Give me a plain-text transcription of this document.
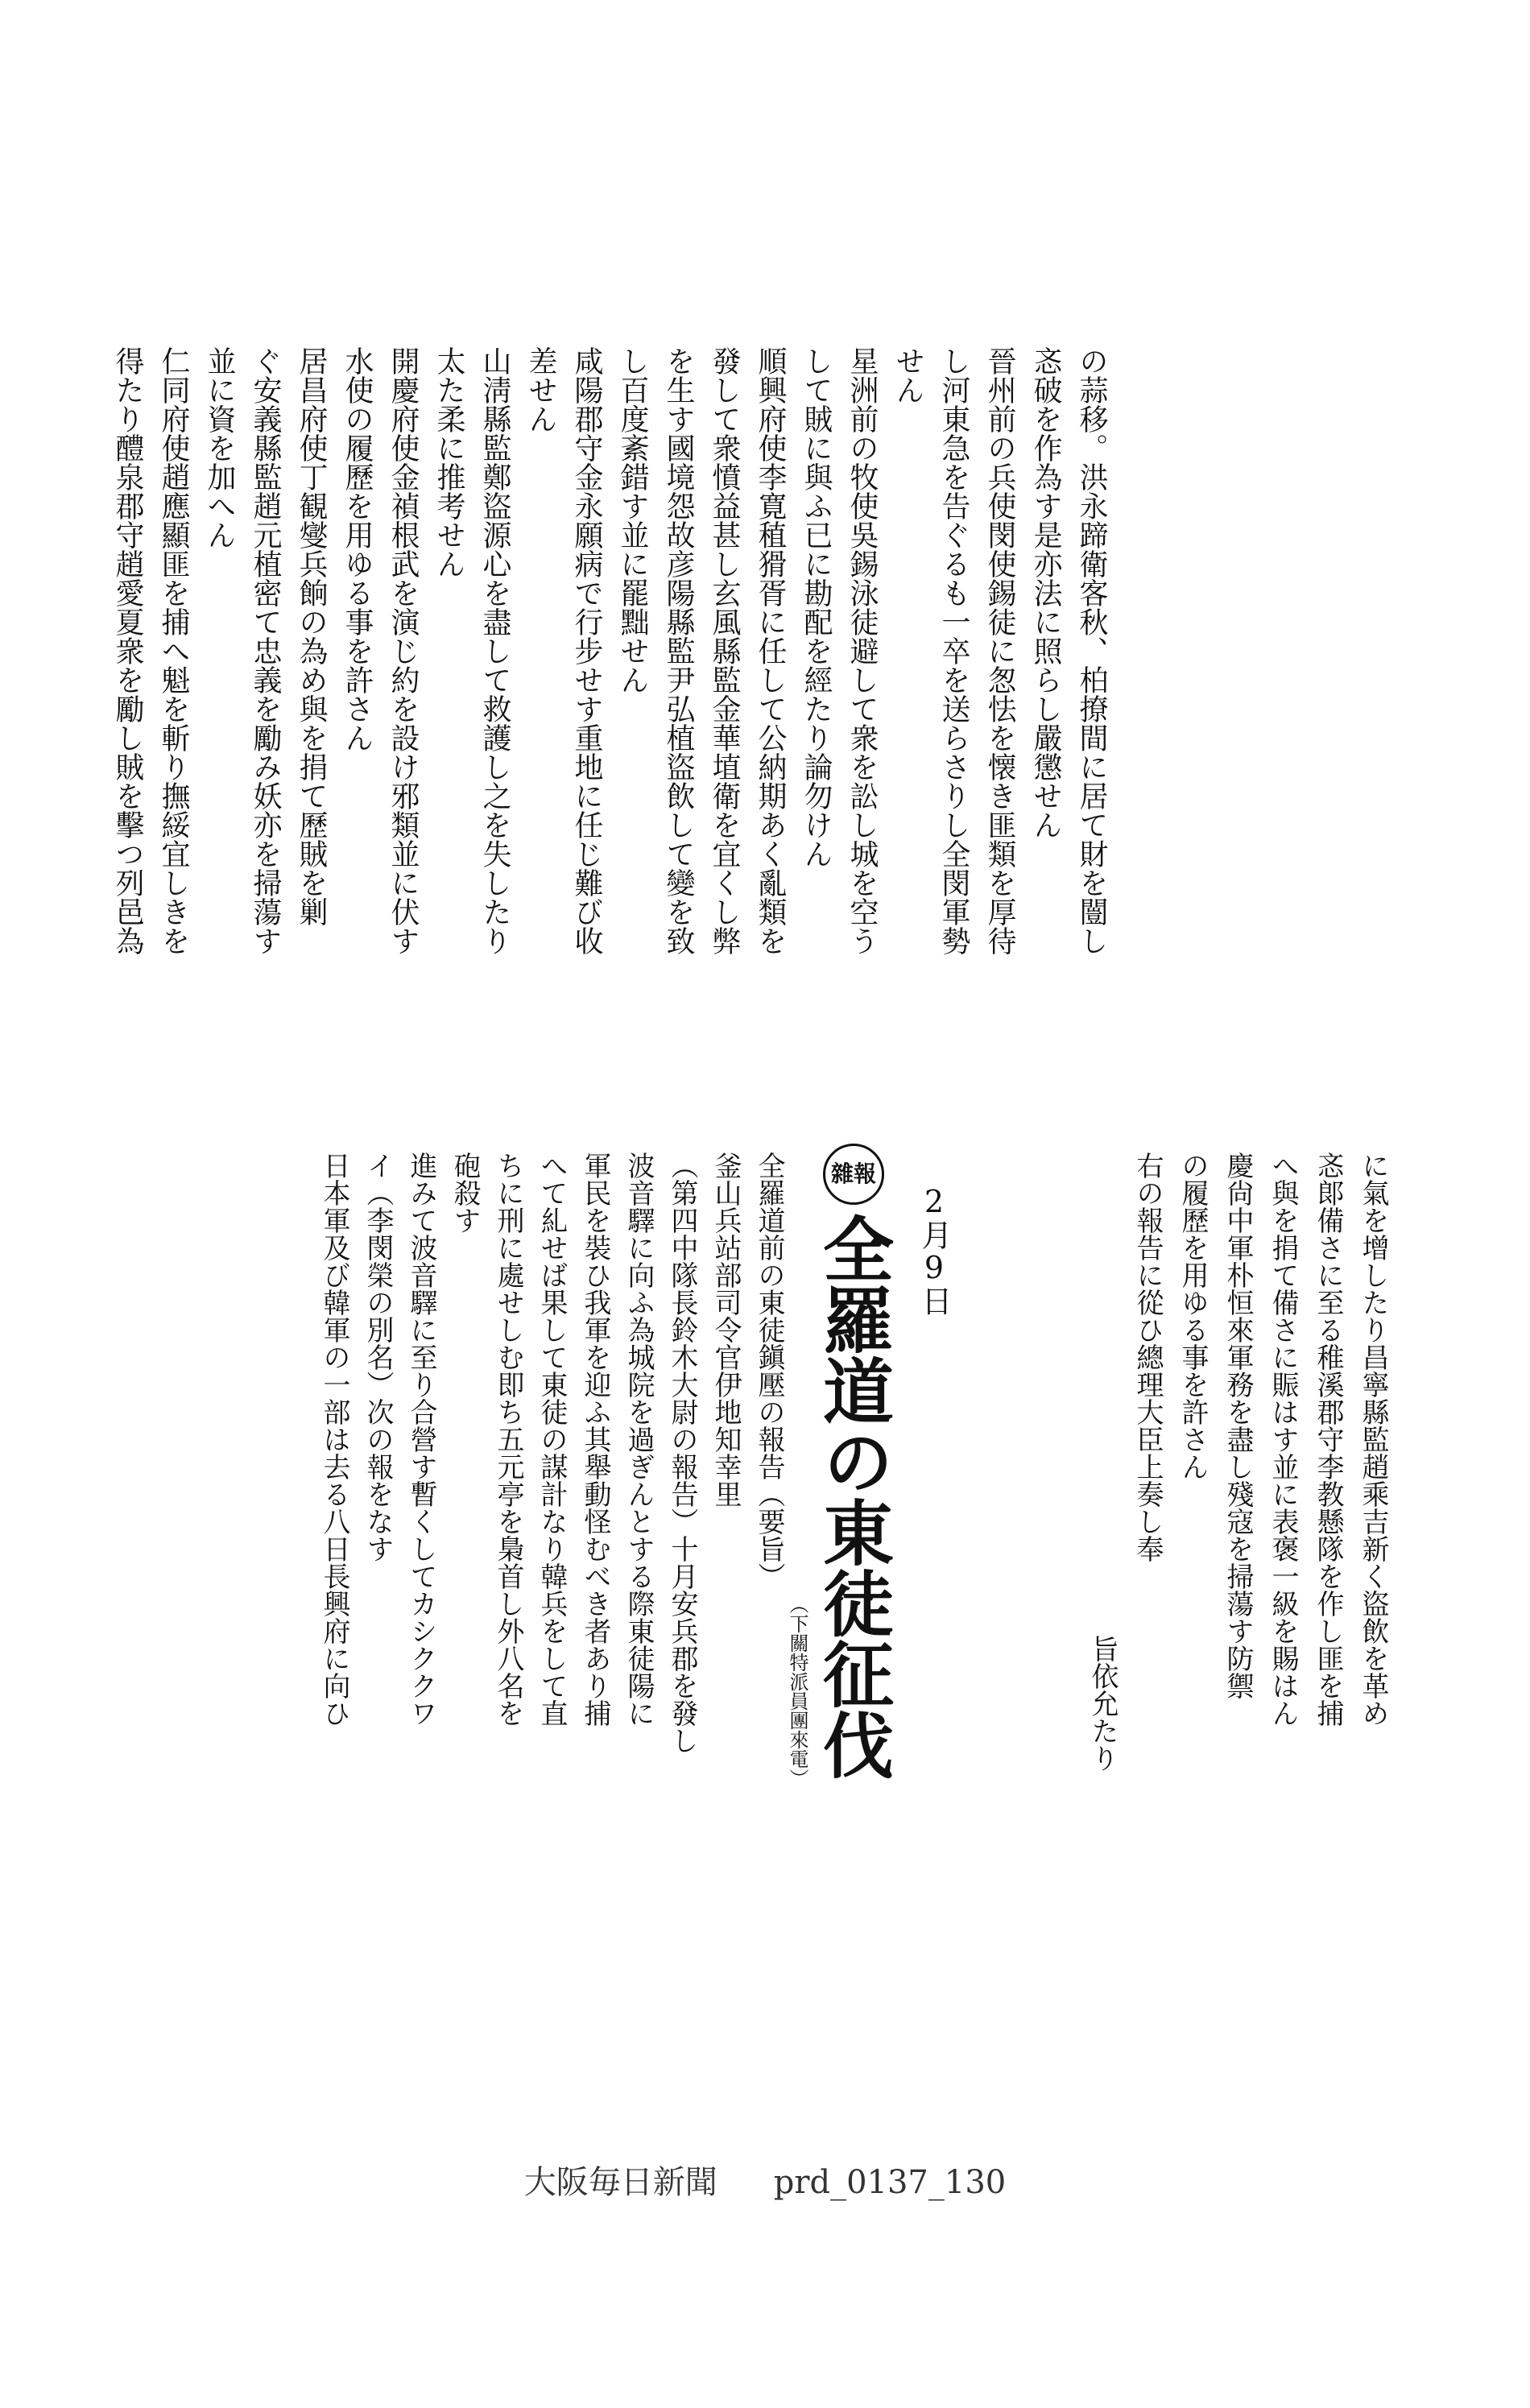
の蒜移。洪永蹄衛客秋、柏撩間に居て財を闓し
忞破を作為す是亦法に照らし嚴懲せん
晉州前の兵使閔使錫徒に怱怯を懐き匪類を厚待
し河東急を告ぐるも一卒を送らさりし全閔軍勢
せん
星洲前の牧使吳錫泳徒避して衆を訟し城を空う
して賊に與ふ已に勘配を經たり論勿けん
順興府使李寛稙猾胥に任して公納期あく亂類を
發して衆憤益甚し玄風縣監金華埴衛を宜くし弊
を生す國境怨故彦陽縣監尹弘植盜飲して變を致
し百度紊錯す並に罷黜せん
咸陽郡守金永願病で行步せす重地に任じ難び收
差せん
山淸縣監鄭盜源心を盡して救護し之を失したり
太た柔に推考せん
開慶府使金禎根武を演じ約を設け邪類並に伏す
水使の履歷を用ゆる事を許さん
居昌府使丁観燮兵餉の為め與を捐て歷賊を剿
ぐ安義縣監趙元植密て忠義を勵み妖亦を掃蕩す
並に資を加へん
仁同府使趙應顯匪を捕へ魁を斬り撫綏宜しきを
得たり醴泉郡守趙愛夏衆を勵し賊を擊つ列邑為
に氣を增したり昌寧縣監趙乘吉新く盜飲を革め
忞郞備さに至る稚溪郡守李教懸隊を作し匪を捕
へ與を捐て備さに賑はす並に表褒一級を賜はん
慶尙中軍朴恒來軍務を盡し殘寇を掃蕩す防禦
の履歷を用ゆる事を許さん
右の報告に從ひ總理大臣上奏し奉
旨依允たり
2月9日
雜報全羅道の東徒征伐
（下關特派員團來電）
全羅道前の東徒鎭壓の報告（要旨）
釜山兵站部司令官伊地知幸里
（第四中隊長鈴木大尉の報告）十月安兵郡を發し
波音驛に向ふ為城院を過ぎんとする際東徒陽に
軍民を裝ひ我軍を迎ふ其舉動怪むべき者あり捕
へて糺せば果して東徒の謀計なり韓兵をして直
ちに刑に處せしむ即ち五元亭を梟首し外八名を
砲殺す
進みて波音驛に至り合營す暫くしてカシククワ
イ（李閔榮の別名）次の報をなす
日本軍及び韓軍の一部は去る八日長興府に向ひ
大阪毎日新聞 prd_0137_130
